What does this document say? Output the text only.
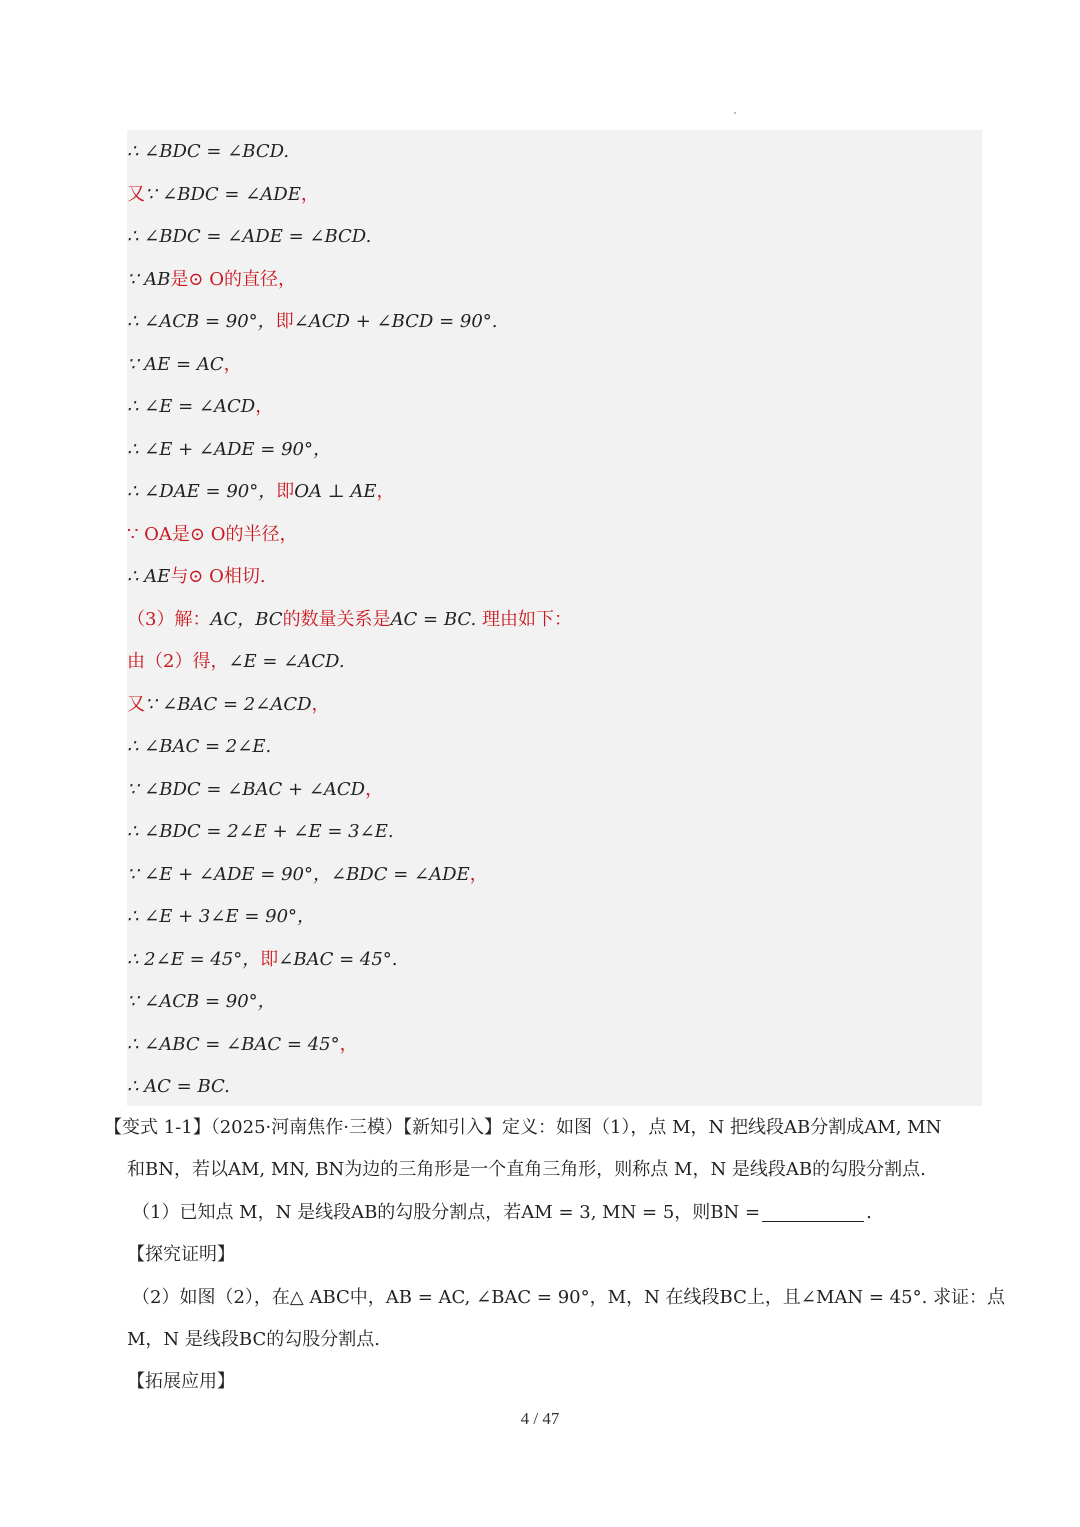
∴ ∠BDC = ∠BCD.
又∵ ∠BDC = ∠ADE，
∴ ∠BDC = ∠ADE = ∠BCD.
∵ AB是⊙ O的直径，
∴ ∠ACB = 90°，即∠ACD + ∠BCD = 90°.
∵ AE = AC，
∴ ∠E = ∠ACD，
∴ ∠E + ∠ADE = 90°，
∴ ∠DAE = 90°，即OA ⊥ AE，
∵ OA是⊙ O的半径，
∴ AE与⊙ O相切.
（3）解：AC，BC的数量关系是AC = BC. 理由如下：
由（2）得，∠E = ∠ACD.
又∵ ∠BAC = 2∠ACD，
∴ ∠BAC = 2∠E.
∵ ∠BDC = ∠BAC + ∠ACD，
∴ ∠BDC = 2∠E + ∠E = 3∠E.
∵ ∠E + ∠ADE = 90°，∠BDC = ∠ADE，
∴ ∠E + 3∠E = 90°，
∴ 2∠E = 45°，即∠BAC = 45°.
∵ ∠ACB = 90°，
∴ ∠ABC = ∠BAC = 45°，
∴ AC = BC.
【变式 1-1】（2025·河南焦作·三模）【新知引入】定义：如图（1），点 M，N 把线段AB分割成AM, MN
和BN，若以AM, MN, BN为边的三角形是一个直角三角形，则称点 M，N 是线段AB的勾股分割点.
（1）已知点 M，N 是线段AB的勾股分割点，若AM = 3, MN = 5，则BN =	.
【探究证明】
（2）如图（2），在△ ABC中，AB = AC, ∠BAC = 90°，M，N 在线段BC上，且∠MAN = 45°. 求证：点
M，N 是线段BC的勾股分割点.
【拓展应用】
4 / 47
